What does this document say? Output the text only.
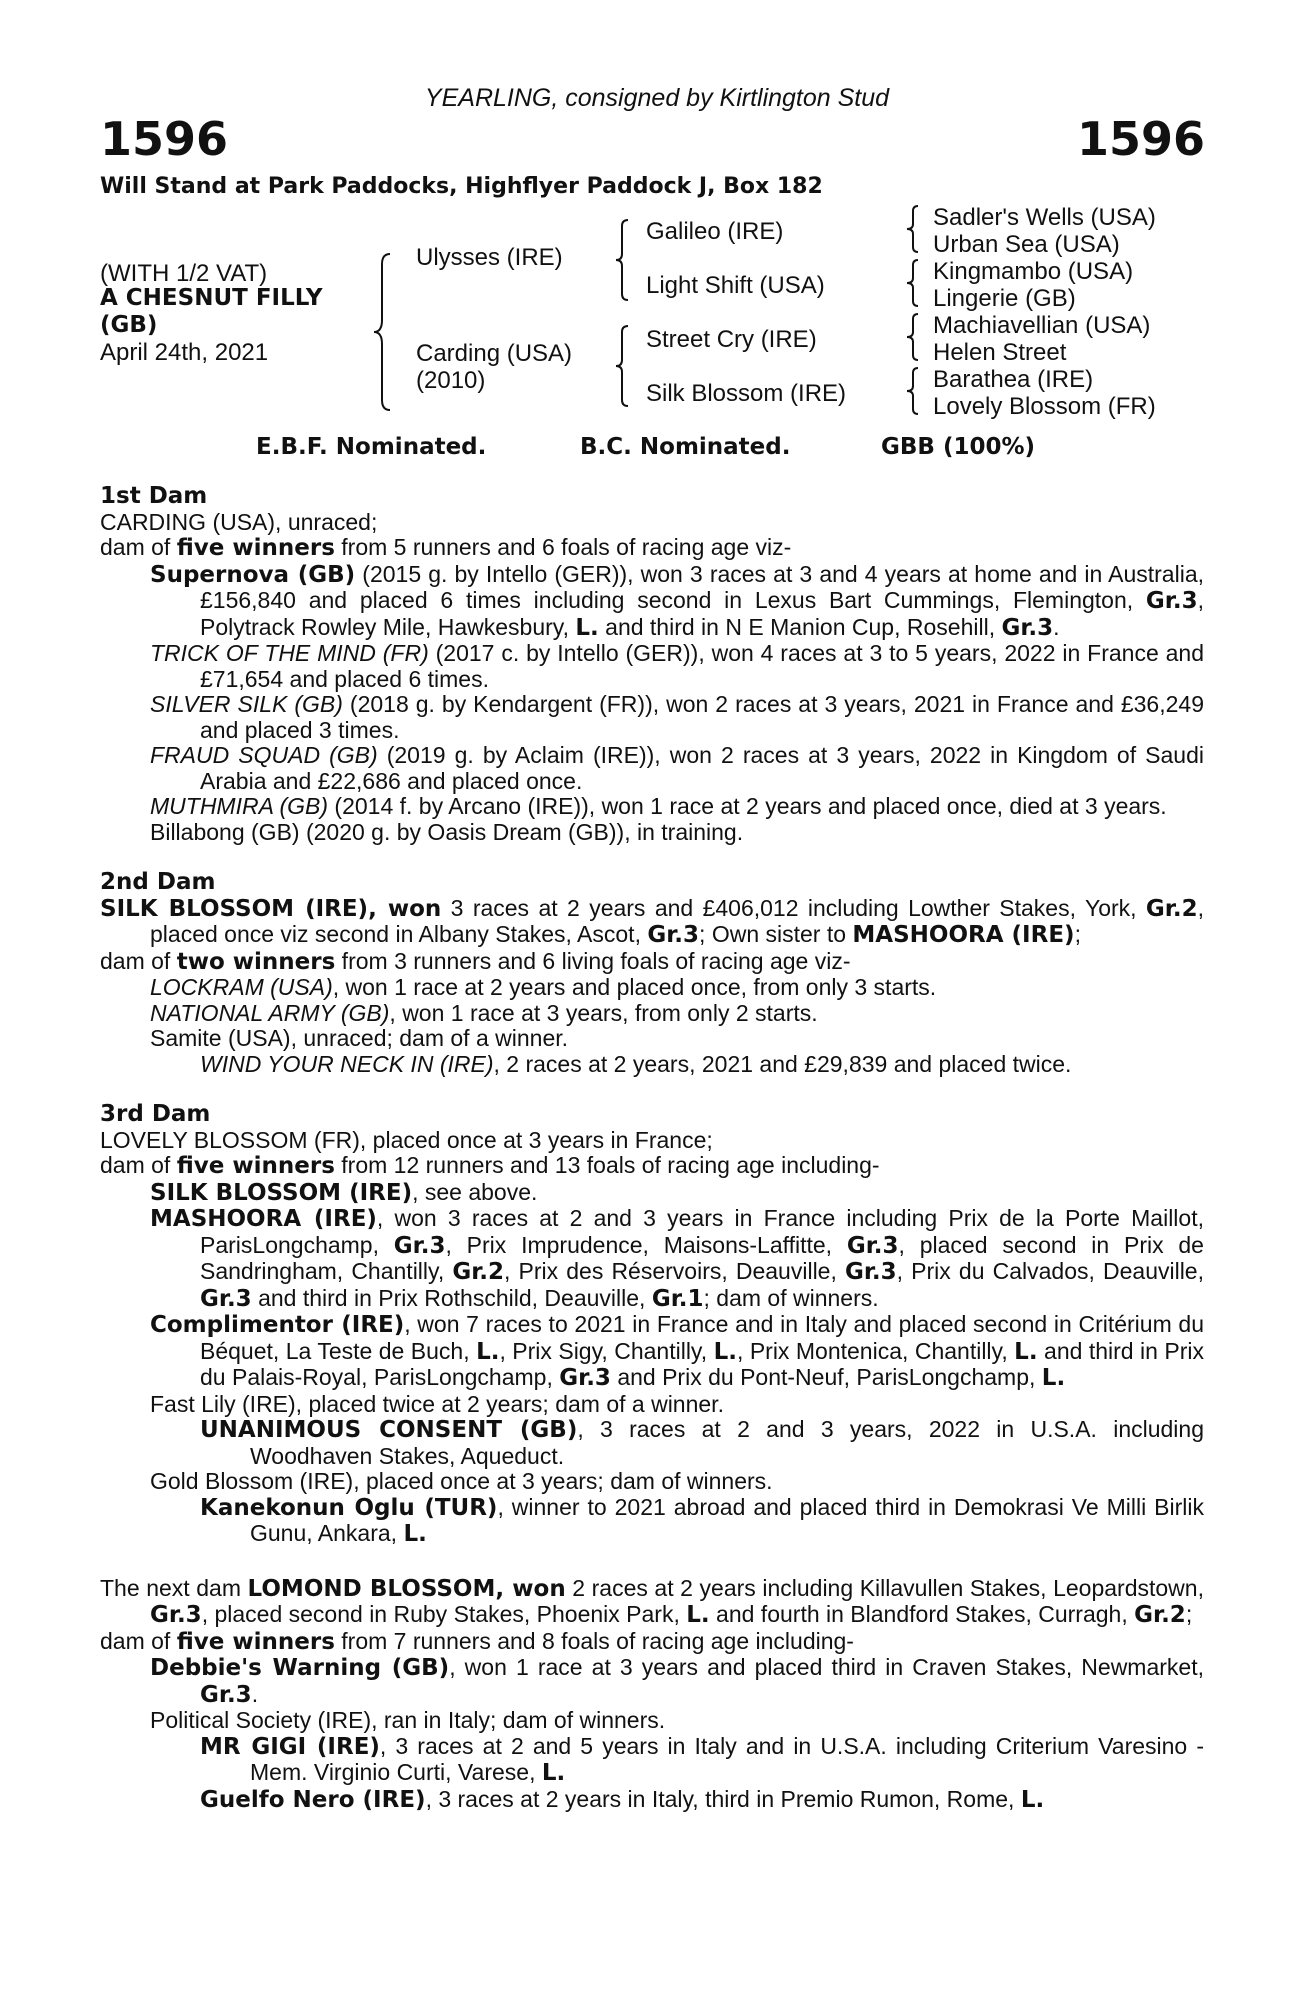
YEARLING, consigned by Kirtlington Stud
1596	1596
Will Stand at Park Paddocks, Highflyer Paddock J, Box 182
(WITH 1/2 VAT)
A CHESNUT FILLY
(GB)
April 24th, 2021
Ulysses (IRE)
Carding (USA)
(2010)
Galileo (IRE)
Light Shift (USA)
Street Cry (IRE)
Silk Blossom (IRE)
Sadler's Wells (USA)
Urban Sea (USA)
Kingmambo (USA)
Lingerie (GB)
Machiavellian (USA)
Helen Street
Barathea (IRE)
Lovely Blossom (FR)
E.B.F. Nominated.	B.C. Nominated.	GBB (100%)

1st Dam

CARDING (USA), unraced;

dam of five winners from 5 runners and 6 foals of racing age viz-

Supernova (GB) (2015 g. by Intello (GER)), won 3 races at 3 and 4 years at home and in Australia, £156,840 and placed 6 times including second in Lexus Bart Cummings, Flemington, Gr.3, Polytrack Rowley Mile, Hawkesbury, L. and third in N E Manion Cup, Rosehill, Gr.3.

TRICK OF THE MIND (FR) (2017 c. by Intello (GER)), won 4 races at 3 to 5 years, 2022 in France and £71,654 and placed 6 times.

SILVER SILK (GB) (2018 g. by Kendargent (FR)), won 2 races at 3 years, 2021 in France and £36,249 and placed 3 times.

FRAUD SQUAD (GB) (2019 g. by Aclaim (IRE)), won 2 races at 3 years, 2022 in Kingdom of Saudi Arabia and £22,686 and placed once.

MUTHMIRA (GB) (2014 f. by Arcano (IRE)), won 1 race at 2 years and placed once, died at 3 years.

Billabong (GB) (2020 g. by Oasis Dream (GB)), in training.

2nd Dam

SILK BLOSSOM (IRE), won 3 races at 2 years and £406,012 including Lowther Stakes, York, Gr.2, placed once viz second in Albany Stakes, Ascot, Gr.3; Own sister to MASHOORA (IRE);

dam of two winners from 3 runners and 6 living foals of racing age viz-

LOCKRAM (USA), won 1 race at 2 years and placed once, from only 3 starts.

NATIONAL ARMY (GB), won 1 race at 3 years, from only 2 starts.

Samite (USA), unraced; dam of a winner.

WIND YOUR NECK IN (IRE), 2 races at 2 years, 2021 and £29,839 and placed twice.

3rd Dam

LOVELY BLOSSOM (FR), placed once at 3 years in France;

dam of five winners from 12 runners and 13 foals of racing age including-

SILK BLOSSOM (IRE), see above.

MASHOORA (IRE), won 3 races at 2 and 3 years in France including Prix de la Porte Maillot, ParisLongchamp, Gr.3, Prix Imprudence, Maisons-Laffitte, Gr.3, placed second in Prix de Sandringham, Chantilly, Gr.2, Prix des Réservoirs, Deauville, Gr.3, Prix du Calvados, Deauville, Gr.3 and third in Prix Rothschild, Deauville, Gr.1; dam of winners.

Complimentor (IRE), won 7 races to 2021 in France and in Italy and placed second in Critérium du Béquet, La Teste de Buch, L., Prix Sigy, Chantilly, L., Prix Montenica, Chantilly, L. and third in Prix du Palais-Royal, ParisLongchamp, Gr.3 and Prix du Pont-Neuf, ParisLongchamp, L.

Fast Lily (IRE), placed twice at 2 years; dam of a winner.

UNANIMOUS CONSENT (GB), 3 races at 2 and 3 years, 2022 in U.S.A. including Woodhaven Stakes, Aqueduct.

Gold Blossom (IRE), placed once at 3 years; dam of winners.

Kanekonun Oglu (TUR), winner to 2021 abroad and placed third in Demokrasi Ve Milli Birlik Gunu, Ankara, L.

The next dam LOMOND BLOSSOM, won 2 races at 2 years including Killavullen Stakes, Leopardstown, Gr.3, placed second in Ruby Stakes, Phoenix Park, L. and fourth in Blandford Stakes, Curragh, Gr.2;

dam of five winners from 7 runners and 8 foals of racing age including-

Debbie's Warning (GB), won 1 race at 3 years and placed third in Craven Stakes, Newmarket, Gr.3.

Political Society (IRE), ran in Italy; dam of winners.

MR GIGI (IRE), 3 races at 2 and 5 years in Italy and in U.S.A. including Criterium Varesino - Mem. Virginio Curti, Varese, L.

Guelfo Nero (IRE), 3 races at 2 years in Italy, third in Premio Rumon, Rome, L.
